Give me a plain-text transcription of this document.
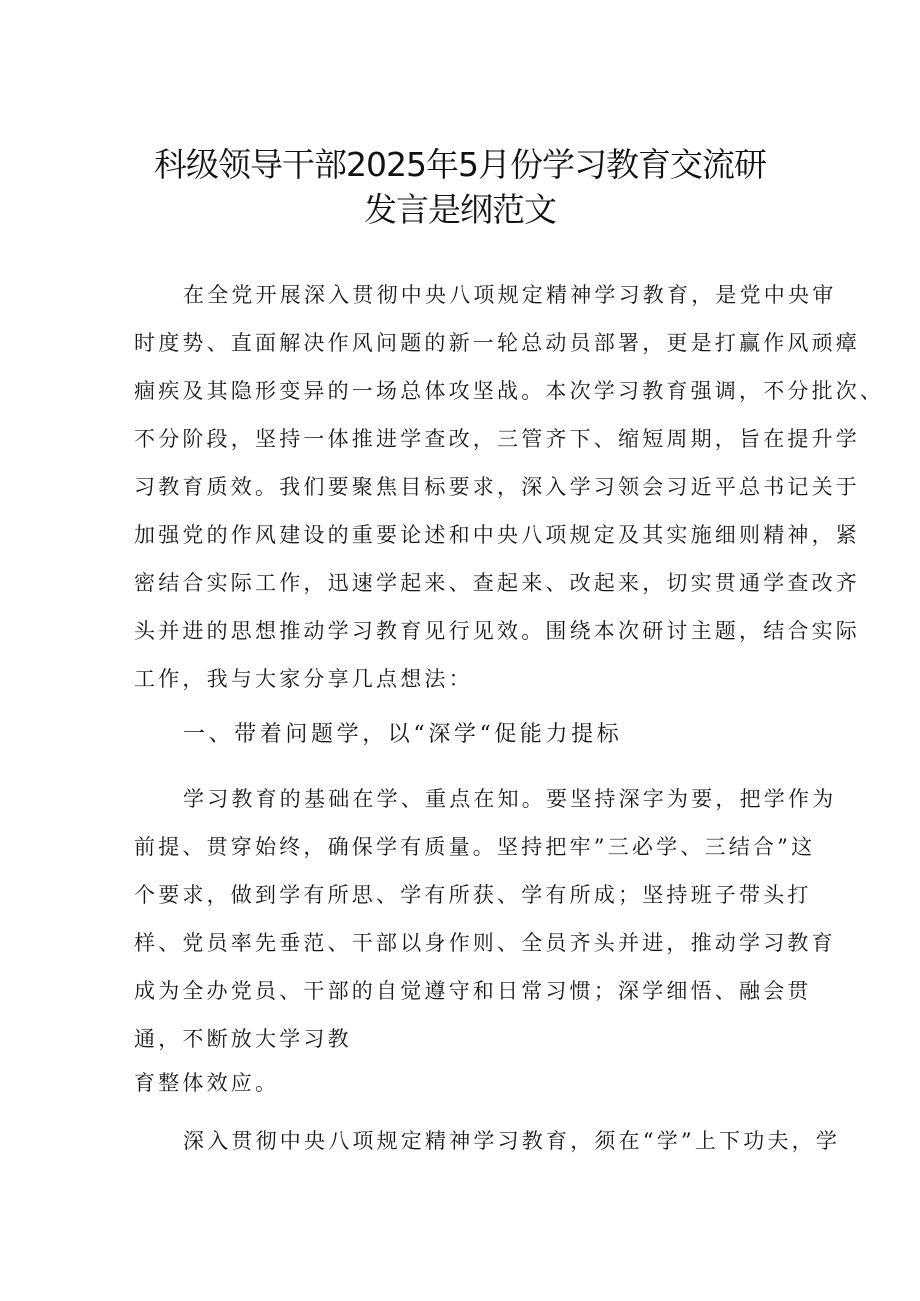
科级领导干部2025年5月份学习教育交流研
发言是纲范文
在全党开展深入贯彻中央八项规定精神学习教育，是党中央审
时度势、直面解决作风问题的新一轮总动员部署，更是打赢作风顽瘴
痼疾及其隐形变异的一场总体攻坚战。本次学习教育强调，不分批次、
不分阶段，坚持一体推进学查改，三管齐下、缩短周期，旨在提升学
习教育质效。我们要聚焦目标要求，深入学习领会习近平总书记关于
加强党的作风建设的重要论述和中央八项规定及其实施细则精神，紧
密结合实际工作，迅速学起来、查起来、改起来，切实贯通学查改齐
头并进的思想推动学习教育见行见效。围绕本次研讨主题，结合实际
工作，我与大家分享几点想法：
一、带着问题学，以“深学“促能力提标
学习教育的基础在学、重点在知。要坚持深字为要，把学作为
前提、贯穿始终，确保学有质量。坚持把牢”三必学、三结合”这
个要求，做到学有所思、学有所获、学有所成；坚持班子带头打
样、党员率先垂范、干部以身作则、全员齐头并进，推动学习教育
成为全办党员、干部的自觉遵守和日常习惯；深学细悟、融会贯
通，不断放大学习教
育整体效应。
深入贯彻中央八项规定精神学习教育，须在“学”上下功夫，学
